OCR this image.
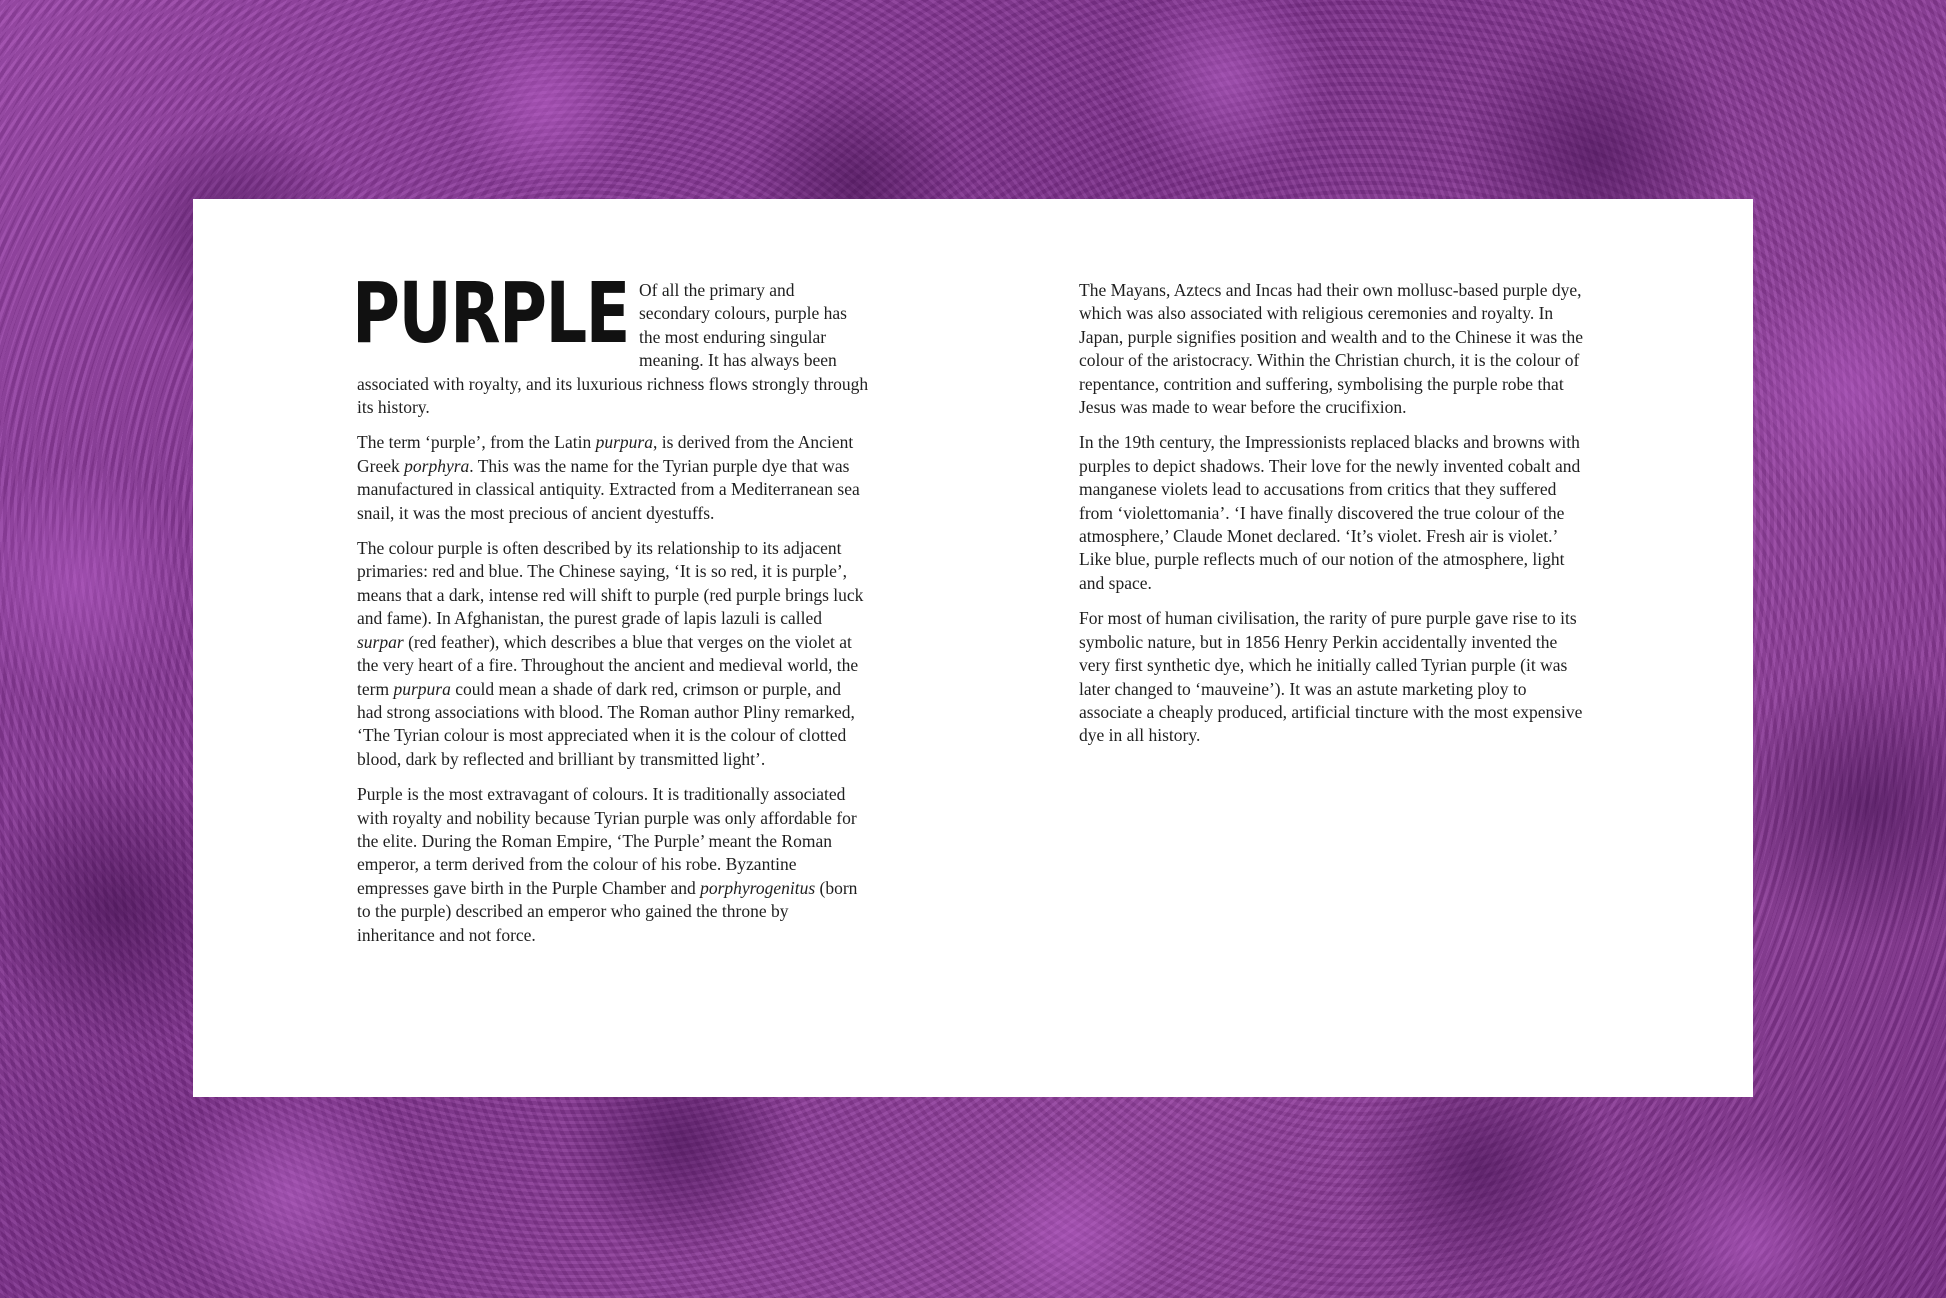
PURPLE Of all the primary and secondary colours, purple has the most enduring singular meaning. It has always been associated with royalty, and its luxurious richness flows strongly through its history.

The term ‘purple’, from the Latin purpura, is derived from the Ancient Greek porphyra. This was the name for the Tyrian purple dye that was manufactured in classical antiquity. Extracted from a Mediterranean sea snail, it was the most precious of ancient dyestuffs.

The colour purple is often described by its relationship to its adjacent primaries: red and blue. The Chinese saying, ‘It is so red, it is purple’, means that a dark, intense red will shift to purple (red purple brings luck and fame). In Afghanistan, the purest grade of lapis lazuli is called surpar (red feather), which describes a blue that verges on the violet at the very heart of a fire. Throughout the ancient and medieval world, the term purpura could mean a shade of dark red, crimson or purple, and had strong associations with blood. The Roman author Pliny remarked, ‘The Tyrian colour is most appreciated when it is the colour of clotted blood, dark by reflected and brilliant by transmitted light’.

Purple is the most extravagant of colours. It is traditionally associated with royalty and nobility because Tyrian purple was only affordable for the elite. During the Roman Empire, ‘The Purple’ meant the Roman emperor, a term derived from the colour of his robe. Byzantine empresses gave birth in the Purple Chamber and porphyrogenitus (born to the purple) described an emperor who gained the throne by inheritance and not force.

The Mayans, Aztecs and Incas had their own mollusc-based purple dye, which was also associated with religious ceremonies and royalty. In Japan, purple signifies position and wealth and to the Chinese it was the colour of the aristocracy. Within the Christian church, it is the colour of repentance, contrition and suffering, symbolising the purple robe that Jesus was made to wear before the crucifixion.

In the 19th century, the Impressionists replaced blacks and browns with purples to depict shadows. Their love for the newly invented cobalt and manganese violets lead to accusations from critics that they suffered from ‘violettomania’. ‘I have finally discovered the true colour of the atmosphere,’ Claude Monet declared. ‘It’s violet. Fresh air is violet.’ Like blue, purple reflects much of our notion of the atmosphere, light and space.

For most of human civilisation, the rarity of pure purple gave rise to its symbolic nature, but in 1856 Henry Perkin accidentally invented the very first synthetic dye, which he initially called Tyrian purple (it was later changed to ‘mauveine’). It was an astute marketing ploy to associate a cheaply produced, artificial tincture with the most expensive dye in all history.
